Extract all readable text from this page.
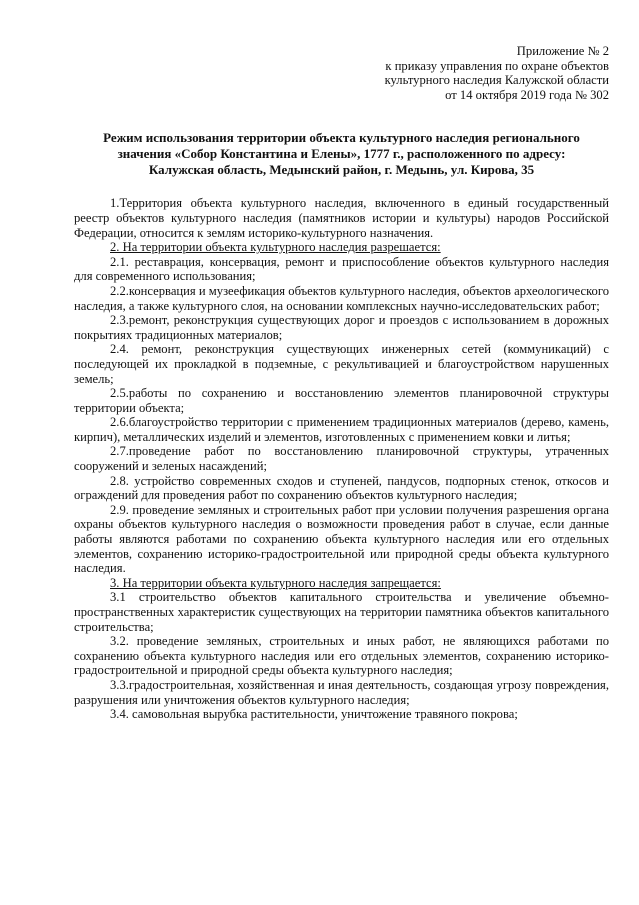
Приложение № 2
к приказу управления по охране объектов
культурного наследия Калужской области
от 14 октября 2019 года № 302
Режим использования территории объекта культурного наследия регионального
значения «Собор Константина и Елены», 1777 г., расположенного по адресу:
Калужская область, Медынский район, г. Медынь, ул. Кирова, 35

1.Территория объекта культурного наследия, включенного в единый государственный реестр объектов культурного наследия (памятников истории и культуры) народов Российской Федерации, относится к землям историко-культурного назначения.

2. На территории объекта культурного наследия разрешается:

2.1. реставрация, консервация, ремонт и приспособление объектов культурного наследия для современного использования;

2.2.консервация и музеефикация объектов культурного наследия, объектов археологического наследия, а также культурного слоя, на основании комплексных научно-исследовательских работ;

2.3.ремонт, реконструкция существующих дорог и проездов с использованием в дорожных покрытиях традиционных материалов;

2.4. ремонт, реконструкция существующих инженерных сетей (коммуникаций) с последующей их прокладкой в подземные, с рекультивацией и благоустройством нарушенных земель;

2.5.работы по сохранению и восстановлению элементов планировочной структуры территории объекта;

2.6.благоустройство территории с применением традиционных материалов (дерево, камень, кирпич), металлических изделий и элементов, изготовленных с применением ковки и литья;

2.7.проведение работ по восстановлению планировочной структуры, утраченных сооружений и зеленых насаждений;

2.8. устройство современных сходов и ступеней, пандусов, подпорных стенок, откосов и ограждений для проведения работ по сохранению объектов культурного наследия;

2.9. проведение земляных и строительных работ при условии получения разрешения органа охраны объектов культурного наследия о возможности проведения работ в случае, если данные работы являются работами по сохранению объекта культурного наследия или его отдельных элементов, сохранению историко-градостроительной или природной среды объекта культурного наследия.

3. На территории объекта культурного наследия запрещается:

3.1 строительство объектов капитального строительства и увеличение объемно-пространственных характеристик существующих на территории памятника объектов капитального строительства;

3.2. проведение земляных, строительных и иных работ, не являющихся работами по сохранению объекта культурного наследия или его отдельных элементов, сохранению историко-градостроительной и природной среды объекта культурного наследия;

3.3.градостроительная, хозяйственная и иная деятельность, создающая угрозу повреждения, разрушения или уничтожения объектов культурного наследия;

3.4. самовольная вырубка растительности, уничтожение травяного покрова;
